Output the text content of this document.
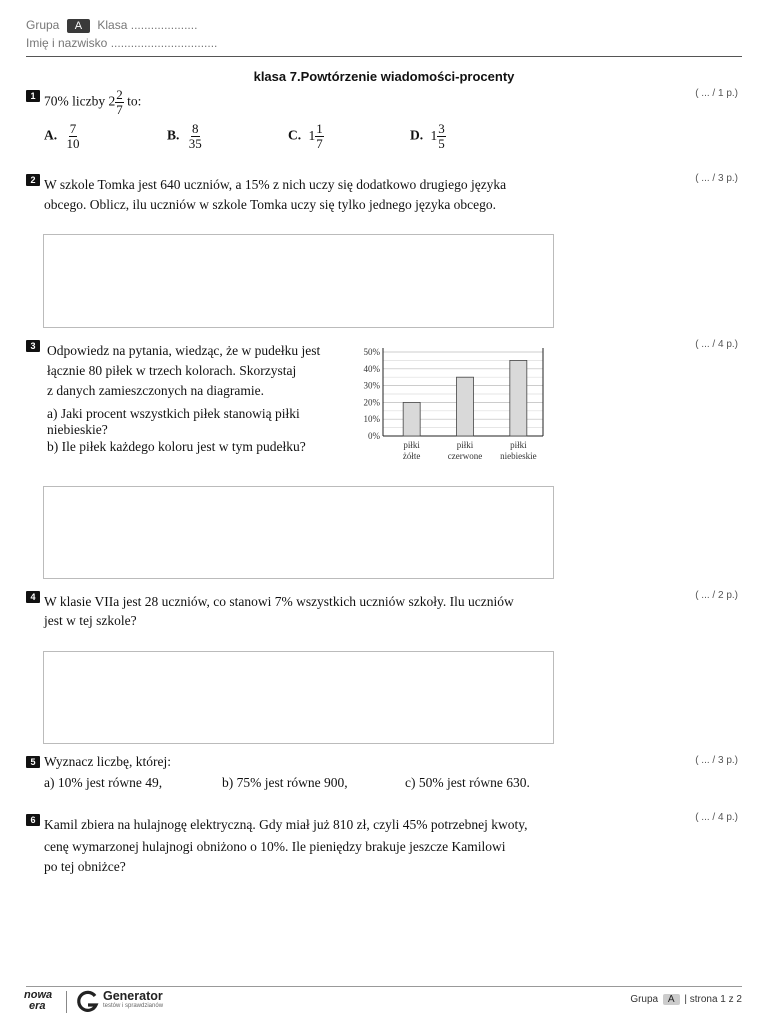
Grupa A Klasa ....................
Imię i nazwisko ................................
klasa 7.Powtórzenie wiadomości-procenty
1	( ... / 1 p.)
70% liczby $2 \frac{2}{7}$ to:
A. $\frac{7}{10}$	B. $\frac{8}{35}$	C. $1 \frac{1}{7}$	D. $1 \frac{3}{5}$
2	( ... / 3 p.)
W szkole Tomka jest 640 uczniów, a 15% z nich uczy się dodatkowo drugiego języka
obcego. Oblicz, ilu uczniów w szkole Tomka uczy się tylko jednego języka obcego.
3	( ... / 4 p.)
Odpowiedz na pytania, wiedząc, że w pudełku jest
łącznie 80 piłek w trzech kolorach. Skorzystaj
z danych zamieszczonych na diagramie.
a) Jaki procent wszystkich piłek stanowią piłki
niebieskie?
b) Ile piłek każdego koloru jest w tym pudełku?
0%
10%
20%
30%
40%
50%
piłki
żółte
piłki
czerwone
piłki
niebieskie
4	( ... / 2 p.)
W klasie VIIa jest 28 uczniów, co stanowi 7% wszystkich uczniów szkoły. Ilu uczniów
jest w tej szkole?
5	( ... / 3 p.)
Wyznacz liczbę, której:
a) 10% jest równe 49,	b) 75% jest równe 900,	c) 50% jest równe 630.
6	( ... / 4 p.)
Kamil zbiera na hulajnogę elektryczną. Gdy miał już 810 zł, czyli 45% potrzebnej kwoty,
cenę wymarzonej hulajnogi obniżono o 10%. Ile pieniędzy brakuje jeszcze Kamilowi
po tej obniżce?
nowa
era
Generator
testów i sprawdzianów
Grupa A | strona 1 z 2
